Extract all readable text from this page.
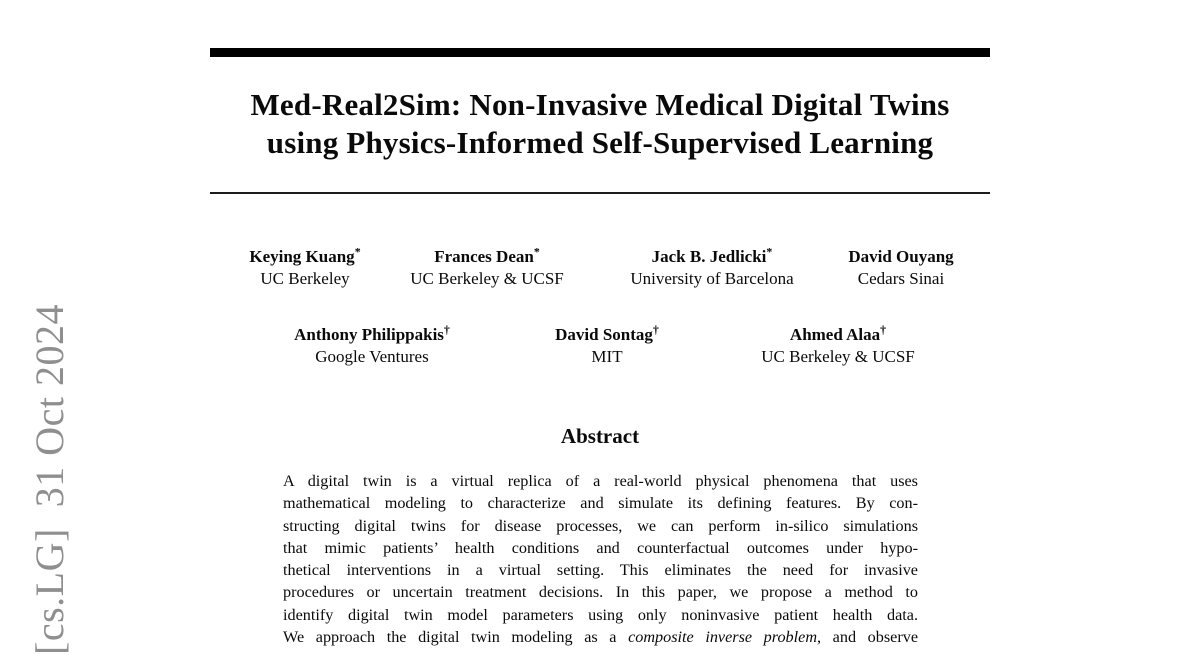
Med-Real2Sim: Non-Invasive Medical Digital Twins
using Physics-Informed Self-Supervised Learning
Keying Kuang*
UC Berkeley
Frances Dean*
UC Berkeley & UCSF
Jack B. Jedlicki*
University of Barcelona
David Ouyang
Cedars Sinai
Anthony Philippakis†
Google Ventures
David Sontag†
MIT
Ahmed Alaa†
UC Berkeley & UCSF
Abstract
A digital twin is a virtual replica of a real-world physical phenomena that uses
mathematical modeling to characterize and simulate its defining features. By con-
structing digital twins for disease processes, we can perform in-silico simulations
that mimic patients’ health conditions and counterfactual outcomes under hypo-
thetical interventions in a virtual setting. This eliminates the need for invasive
procedures or uncertain treatment decisions. In this paper, we propose a method to
identify digital twin model parameters using only noninvasive patient health data.
We approach the digital twin modeling as a composite inverse problem, and observe
[cs.LG]  31 Oct 2024
